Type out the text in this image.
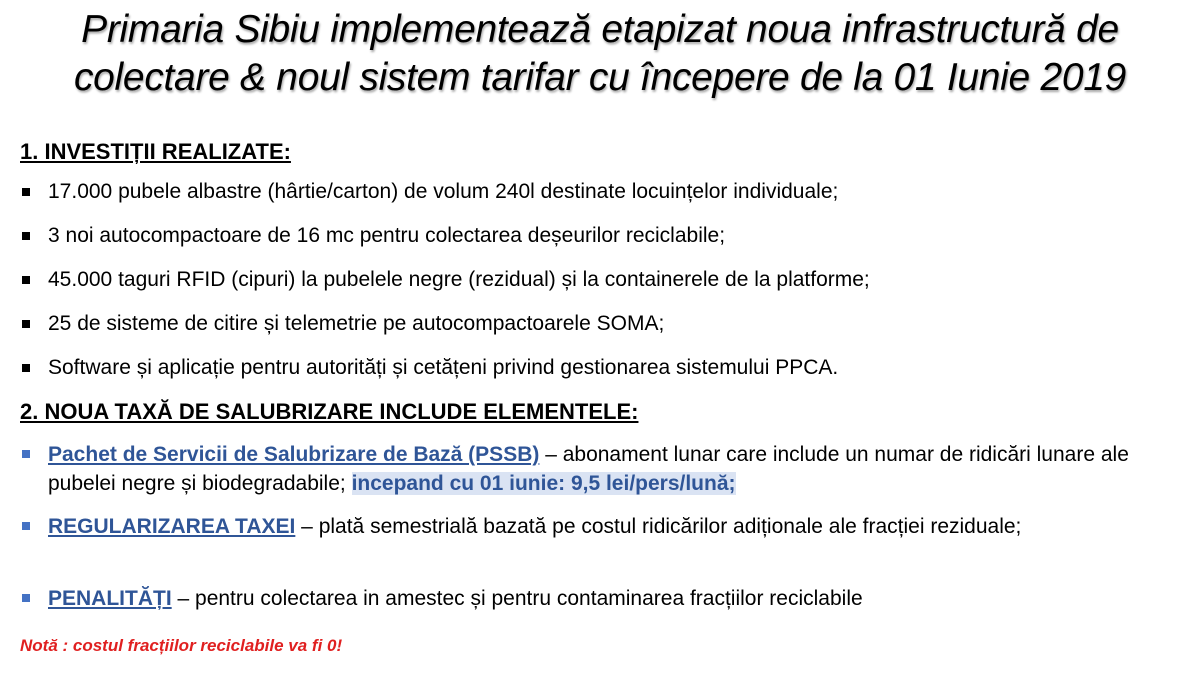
Primaria Sibiu implementează etapizat noua infrastructură de
colectare & noul sistem tarifar cu începere de la 01 Iunie 2019
1. INVESTIȚII REALIZATE:
17.000 pubele albastre (hârtie/carton) de volum 240l destinate locuințelor individuale;
3 noi autocompactoare de 16 mc pentru colectarea deșeurilor reciclabile;
45.000 taguri RFID (cipuri) la pubelele negre (rezidual) și la containerele de la platforme;
25 de sisteme de citire și telemetrie pe autocompactoarele SOMA;
Software și aplicație pentru autorități și cetățeni privind gestionarea sistemului PPCA.
2. NOUA TAXĂ DE SALUBRIZARE INCLUDE ELEMENTELE:
Pachet de Servicii de Salubrizare de Bază (PSSB) – abonament lunar care include un numar de ridicări lunare ale pubelei negre și biodegradabile; incepand cu 01 iunie: 9,5 lei/pers/lună;
REGULARIZAREA TAXEI – plată semestrială bazată pe costul ridicărilor adiționale ale fracției reziduale;
PENALITĂȚI – pentru colectarea in amestec și pentru contaminarea fracțiilor reciclabile
Notă : costul fracțiilor reciclabile va fi 0!
